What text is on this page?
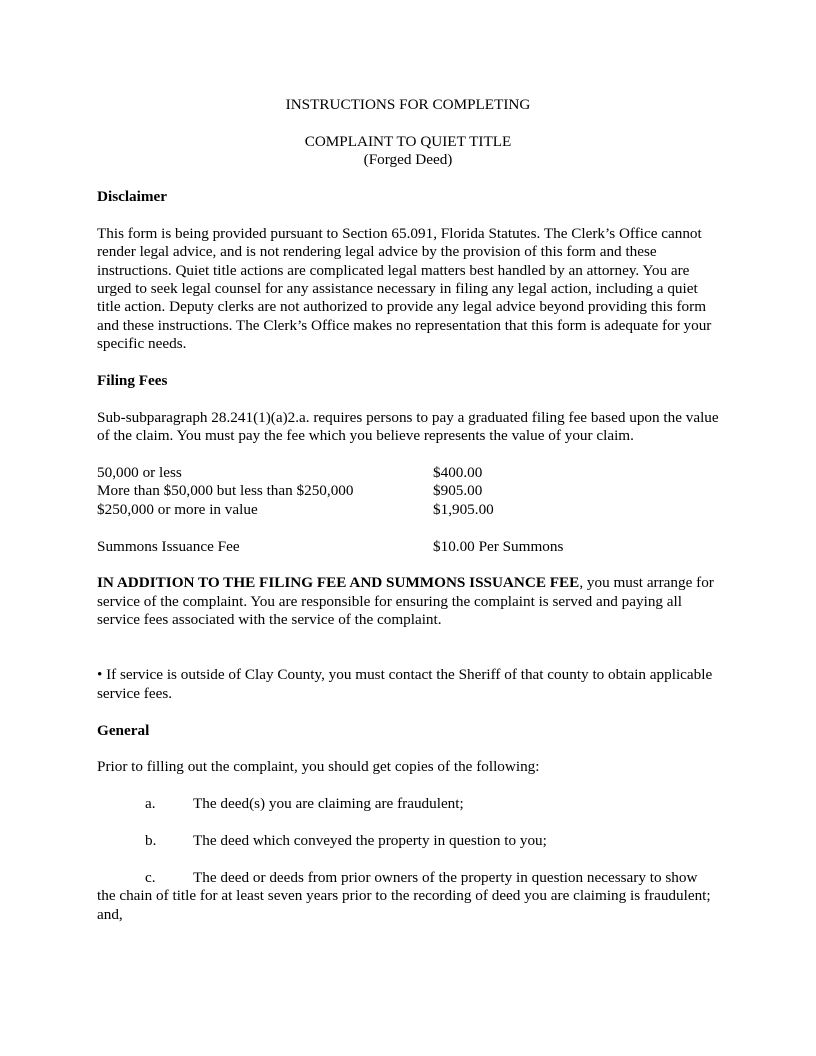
INSTRUCTIONS FOR COMPLETING

COMPLAINT TO QUIET TITLE

(Forged Deed)

Disclaimer

This form is being provided pursuant to Section 65.091, Florida Statutes. The Clerk’s Office cannot render legal advice, and is not rendering legal advice by the provision of this form and these instructions. Quiet title actions are complicated legal matters best handled by an attorney. You are urged to seek legal counsel for any assistance necessary in filing any legal action, including a quiet title action. Deputy clerks are not authorized to provide any legal advice beyond providing this form and these instructions. The Clerk’s Office makes no representation that this form is adequate for your specific needs.

Filing Fees

Sub-subparagraph 28.241(1)(a)2.a. requires persons to pay a graduated filing fee based upon the value of the claim. You must pay the fee which you believe represents the value of your claim.

50,000 or less	$400.00
More than $50,000 but less than $250,000	$905.00
$250,000 or more in value	$1,905.00
Summons Issuance Fee	$10.00 Per Summons

IN ADDITION TO THE FILING FEE AND SUMMONS ISSUANCE FEE, you must arrange for service of the complaint. You are responsible for ensuring the complaint is served and paying all service fees associated with the service of the complaint.

• If service is outside of Clay County, you must contact the Sheriff of that county to obtain applicable service fees.

General

Prior to filling out the complaint, you should get copies of the following:

a.	The deed(s) you are claiming are fraudulent;
b.	The deed which conveyed the property in question to you;

c. The deed or deeds from prior owners of the property in question necessary to show the chain of title for at least seven years prior to the recording of deed you are claiming is fraudulent; and,
